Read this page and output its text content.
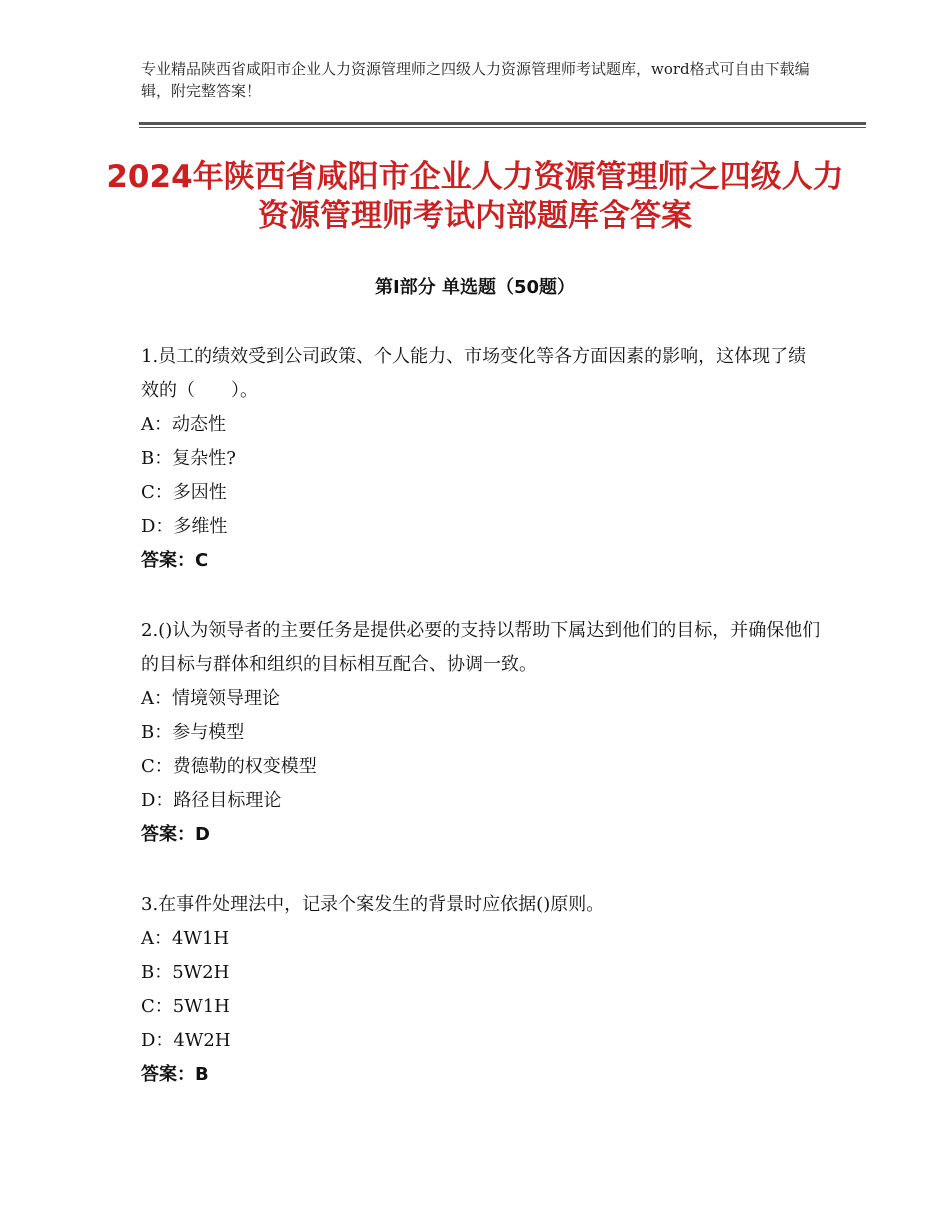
专业精品陕西省咸阳市企业人力资源管理师之四级人力资源管理师考试题库，word格式可自由下载编辑，附完整答案！
2024年陕西省咸阳市企业人力资源管理师之四级人力资源管理师考试内部题库含答案
第Ⅰ部分 单选题（50题）

1.员工的绩效受到公司政策、个人能力、市场变化等各方面因素的影响，这体现了绩效的（　　）。

A：动态性

B：复杂性?

C：多因性

D：多维性

答案：C

2.()认为领导者的主要任务是提供必要的支持以帮助下属达到他们的目标，并确保他们的目标与群体和组织的目标相互配合、协调一致。

A：情境领导理论

B：参与模型

C：费德勒的权变模型

D：路径目标理论

答案：D

3.在事件处理法中，记录个案发生的背景时应依据()原则。

A：4W1H

B：5W2H

C：5W1H

D：4W2H

答案：B
